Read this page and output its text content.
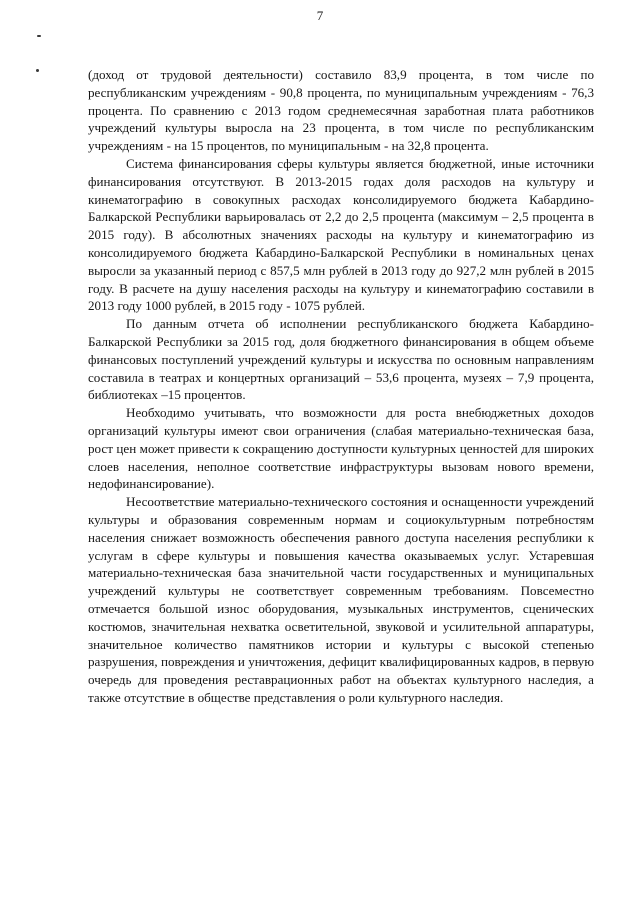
7

(доход от трудовой деятельности) составило 83,9 процента, в том числе по республиканским учреждениям - 90,8 процента, по муниципальным учреждениям - 76,3 процента. По сравнению с 2013 годом среднемесячная заработная плата работников учреждений культуры выросла на 23 процента, в том числе по республиканским учреждениям - на 15 процентов, по муниципальным - на 32,8 процента.

Система финансирования сферы культуры является бюджетной, иные источники финансирования отсутствуют. В 2013-2015 годах доля расходов на культуру и кинематографию в совокупных расходах консолидируемого бюджета Кабардино-Балкарской Республики варьировалась от 2,2 до 2,5 процента (максимум – 2,5 процента в 2015 году). В абсолютных значениях расходы на культуру и кинематографию из консолидируемого бюджета Кабардино-Балкарской Республики в номинальных ценах выросли за указанный период с 857,5 млн рублей в 2013 году до 927,2 млн рублей в 2015 году. В расчете на душу населения расходы на культуру и кинематографию составили в 2013 году 1000 рублей, в 2015 году - 1075 рублей.

По данным отчета об исполнении республиканского бюджета Кабардино-Балкарской Республики за 2015 год, доля бюджетного финансирования в общем объеме финансовых поступлений учреждений культуры и искусства по основным направлениям составила в театрах и концертных организаций – 53,6 процента, музеях – 7,9 процента, библиотеках –15 процентов.

Необходимо учитывать, что возможности для роста внебюджетных доходов организаций культуры имеют свои ограничения (слабая материально-техническая база, рост цен может привести к сокращению доступности культурных ценностей для широких слоев населения, неполное соответствие инфраструктуры вызовам нового времени, недофинансирование).

Несоответствие материально-технического состояния и оснащенности учреждений культуры и образования современным нормам и социокультурным потребностям населения снижает возможность обеспечения равного доступа населения республики к услугам в сфере культуры и повышения качества оказываемых услуг. Устаревшая материально-техническая база значительной части государственных и муниципальных учреждений культуры не соответствует современным требованиям. Повсеместно отмечается большой износ оборудования, музыкальных инструментов, сценических костюмов, значительная нехватка осветительной, звуковой и усилительной аппаратуры, значительное количество памятников истории и культуры с высокой степенью разрушения, повреждения и уничтожения, дефицит квалифицированных кадров, в первую очередь для проведения реставрационных работ на объектах культурного наследия, а также отсутствие в обществе представления о роли культурного наследия.
